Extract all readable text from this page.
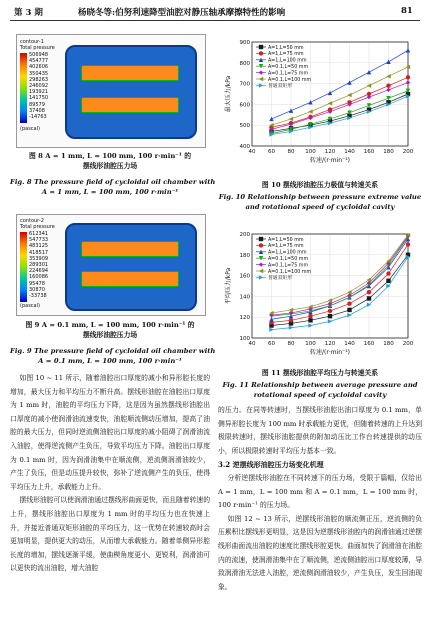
第 3 期	杨晓冬等:伯努利速降型油腔对静压轴承摩擦特性的影响	81
contour-1
Total pressure
506948
454777
402606
350435
298263
246092
193921
141750
89579
37408
-14763
(pascal)
图 8 A = 1 mm, L = 100 mm, 100 r·min⁻¹ 的
摆线形油腔压力场
Fig. 8 The pressure field of cycloidal oil chamber with
A = 1 mm, L = 100 mm, 100 r·min⁻¹
contour-2
Total pressure
612341
547733
483125
418517
353909
289301
224694
160086
95478
30870
-33738
(pascal)
图 9 A = 0.1 mm, L = 100 mm, 100 r·min⁻¹ 的
摆线形油腔压力场
Fig. 9 The pressure field of cycloidal oil chamber with
A = 0.1 mm, L = 100 mm, 100 r·min⁻¹
400
500
600
700
800
900
40 60 80 100 120 140 160 180 200
最大压力/kPa
转速/(r·min⁻¹)
A=1,L=50 mm
A=1,L=75 mm
A=1,L=100 mm
A=0.1,L=50 mm
A=0.1,L=75 mm
A=0.1,L=100 mm
普通双矩形
图 10 摆线形油腔压力极值与转速关系
Fig. 10 Relationship between pressure extreme value
and rotational speed of cycloidal cavity
100
120
140
160
180
200
40 60 80 100 120 140 160 180 200
平均压力/kPa
转速/(r·min⁻¹)
A=1,L=50 mm
A=1,L=75 mm
A=1,L=100 mm
A=0.1,L=50 mm
A=0.1,L=75 mm
A=0.1,L=100 mm
普通双矩形
图 11 摆线形油腔平均压力与转速关系
Fig. 11 Relationship between average pressure and
rotational speed of cycloidal cavity

如图 10 ~ 11 所示，随着油腔出口厚度的减小和异形腔长度的增加，最大压力和平均压力不断升高。摆线形油腔在油腔出口厚度为 1 mm 时，油腔的平均压力下降，这是因为虽然摆线形油腔出口厚度的减小使润滑油流速变快，油腔顺流侧动压增加，提高了油腔的最大压力，但同时逆流侧油腔出口厚度的减小阻碍了润滑油流入油腔，使得逆流侧产生负压，导致平均压力下降。油腔出口厚度为 0.1 mm 时，因为润滑油集中在顺流侧，逆流侧润滑油较少，产生了负压，但是动压提升较快，弥补了逆流侧产生的负压，使得平均压力上升，承载能力上升。

摆线形油腔可以使润滑油通过摆线形曲面更快，而且随着转速的上升，摆线形油腔出口厚度为 1 mm 时的平均压力也在快速上升，并接近普通双矩形油腔的平均压力，这一优势在转速较高时会更加明显，提供更大的动压，从而增大承载能力。随着单侧异形腔长度的增加，摆线逐渐平缓，使曲楔角度更小、更锐利，润滑油可以更快的流出油腔，增大油腔

的压力。在同等转速时，当摆线形油腔出油口厚度为 0.1 mm，单侧异形腔长度为 100 mm 时承载能力更优，但随着转速的上升达到极限转速时，摆线形油腔提供的附加动压比工作台转速提供的动压小，所以极限转速时平均压力基本一致。

3.2 逆摆线形油腔压力场变化机理

分析逆摆线形油腔在不同转速下的压力场，受限于篇幅，仅给出 A = 1 mm，L = 100 mm 和 A = 0.1 mm，L = 100 mm 时，100 r·min⁻¹ 的压力场。

如图 12 ~ 13 所示，逆摆线形油腔的顺流侧正压，逆流侧的负压累积比摆线形更明显，这是因为逆摆线形油腔内的润滑油通过逆摆线形曲面流出油腔的速度比摆线形腔更快。曲面加快了润滑油在油腔内的流速，使润滑油集中在了顺流侧，逆流侧油腔出口厚度较薄，导致润滑油无法进入油腔，逆流侧润滑油较少，产生负压，发生回油现象。
